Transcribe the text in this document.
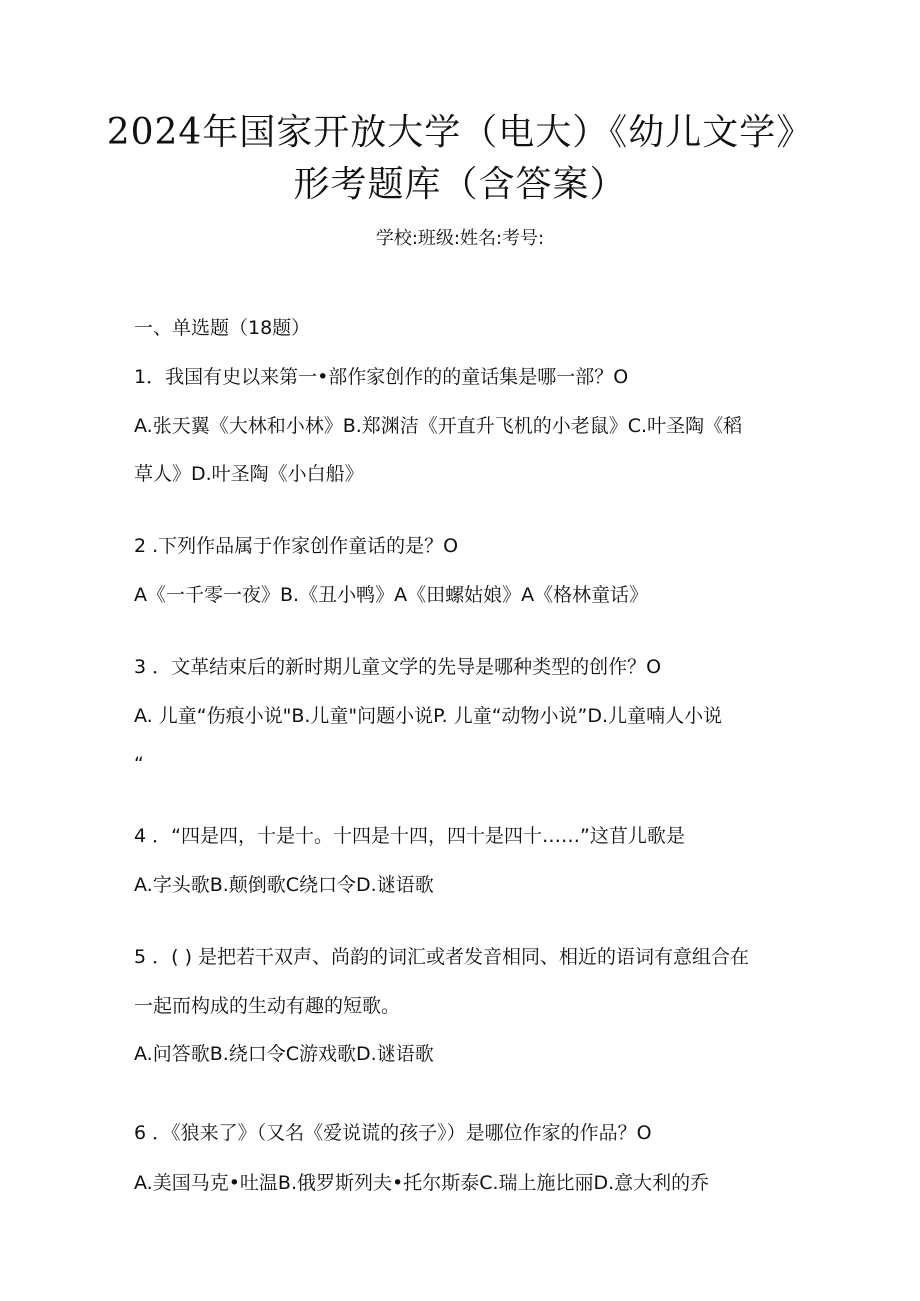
2024年国家开放大学（电大）《幼儿文学》
形考题库（含答案）
学校:班级:姓名:考号:
一、单选题（18题）
1．我国有史以来第一•部作家创作的的童话集是哪一部？O
A.张天翼《大林和小林》B.郑渊洁《开直升飞机的小老鼠》C.叶圣陶《稻
草人》D.叶圣陶《小白船》
2 .下列作品属于作家创作童话的是？O
A《一千零一夜》B.《丑小鸭》A《田螺姑娘》A《格林童话》
3 ．文革结束后的新时期儿童文学的先导是哪种类型的创作？O
A. 儿童“伤痕小说"B.儿童"问题小说P. 儿童“动物小说”D.儿童喃人小说
“
4 ．“四是四，十是十。十四是十四，四十是四十……”这苜儿歌是
A.字头歌B.颠倒歌C绕口令D.谜语歌
5 ．( ) 是把若干双声、尚韵的词汇或者发音相同、相近的语词有意组合在
一起而构成的生动有趣的短歌。
A.问答歌B.绕口令C游戏歌D.谜语歌
6 ．《狼来了》（又名《爱说谎的孩子》）是哪位作家的作品？O
A.美国马克•吐温B.俄罗斯列夫•托尔斯泰C.瑞上施比丽D.意大利的乔
